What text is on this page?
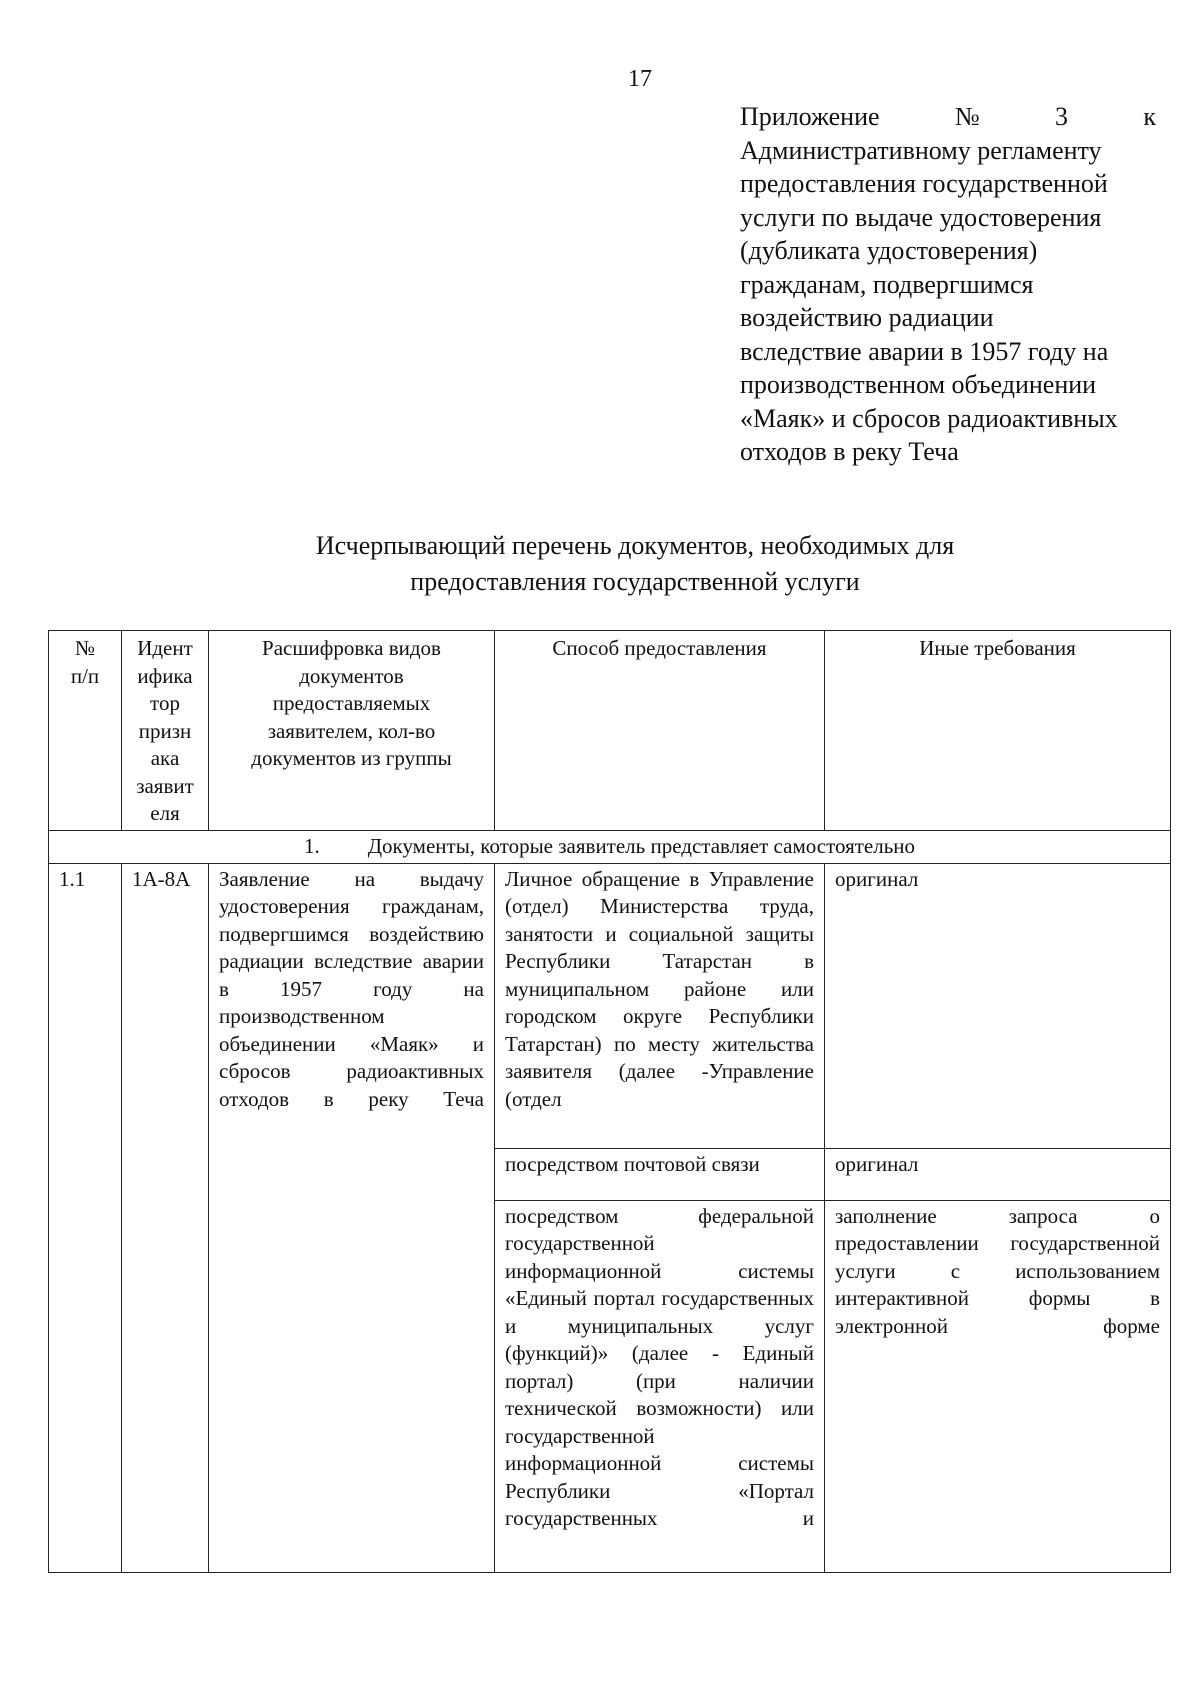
17
Приложение	№	3	к
Административному регламенту
предоставления государственной
услуги по выдаче удостоверения
(дубликата удостоверения)
гражданам, подвергшимся
воздействию радиации
вследствие аварии в 1957 году на
производственном объединении
«Маяк» и сбросов радиоактивных
отходов в реку Теча
Исчерпывающий перечень документов, необходимых для
предоставления государственной услуги
№ п/п	Идент ифика тор призн ака заявит еля	Расшифровка видов документов предоставляемых заявителем, кол-во документов из группы	Способ предоставления	Иные требования

1. Документы, которые заявитель представляет самостоятельно				

1.1	1А-8А	Заявление на выдачу удостоверения гражданам, подвергшимся воздействию радиации вследствие аварии в 1957 году на производственном объединении «Маяк» и сбросов радиоактивных отходов в реку Теча	Личное обращение в Управление (отдел) Министерства труда, занятости и социальной защиты Республики Татарстан в муниципальном районе или городском округе Республики Татарстан) по месту жительства заявителя (далее -Управление (отдел	оригинал
			посредством почтовой связи	оригинал
			посредством федеральной государственной информационной системы «Единый портал государственных и муниципальных услуг (функций)» (далее - Единый портал) (при наличии технической возможности) или государственной информационной системы Республики «Портал государственных и	заполнение запроса о предоставлении государственной услуги с использованием интерактивной формы в электронной форме
